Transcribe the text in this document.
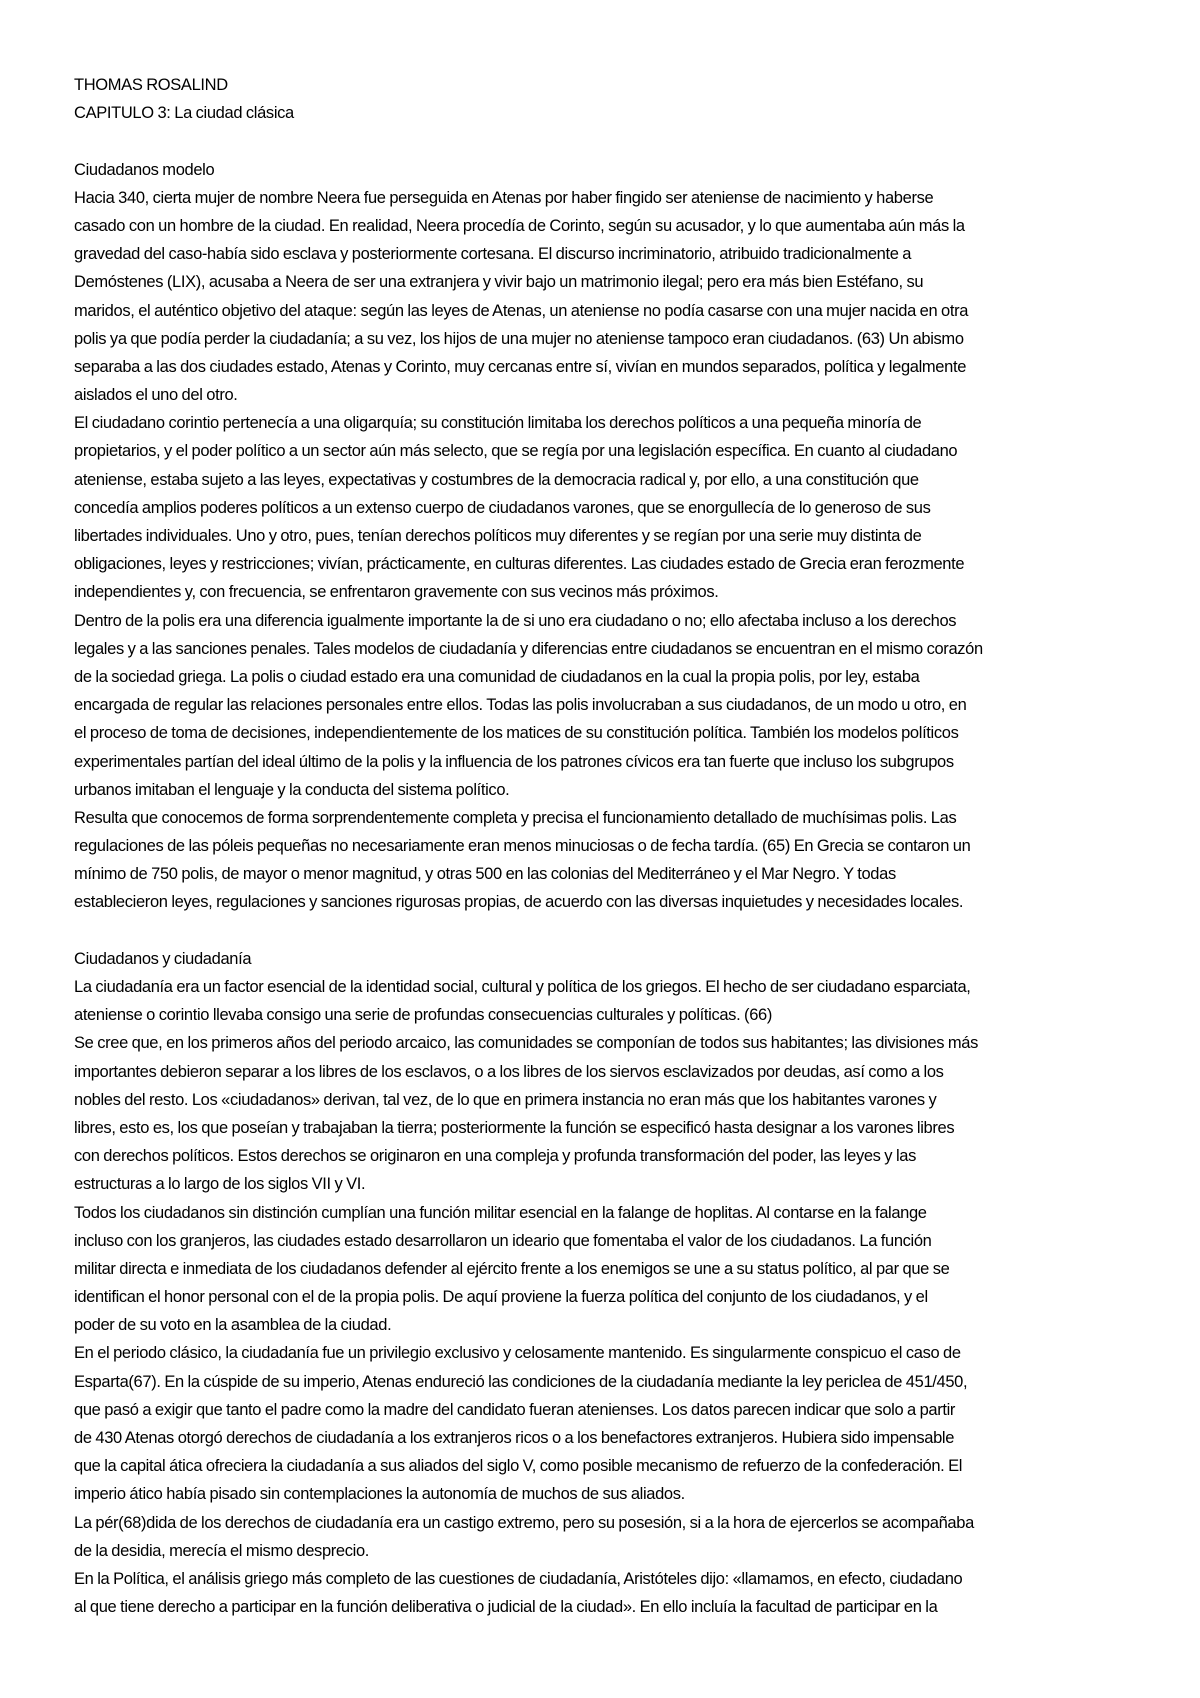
THOMAS ROSALIND
CAPITULO 3: La ciudad clásica
Ciudadanos modelo
Hacia 340, cierta mujer de nombre Neera fue perseguida en Atenas por haber fingido ser ateniense de nacimiento y haberse
casado con un hombre de la ciudad. En realidad, Neera procedía de Corinto, según su acusador, y lo que aumentaba aún más la
gravedad del caso-había sido esclava y posteriormente cortesana. El discurso incriminatorio, atribuido tradicionalmente a
Demóstenes (LIX), acusaba a Neera de ser una extranjera y vivir bajo un matrimonio ilegal; pero era más bien Estéfano, su
maridos, el auténtico objetivo del ataque: según las leyes de Atenas, un ateniense no podía casarse con una mujer nacida en otra
polis ya que podía perder la ciudadanía; a su vez, los hijos de una mujer no ateniense tampoco eran ciudadanos. (63) Un abismo
separaba a las dos ciudades estado, Atenas y Corinto, muy cercanas entre sí, vivían en mundos separados, política y legalmente
aislados el uno del otro.
El ciudadano corintio pertenecía a una oligarquía; su constitución limitaba los derechos políticos a una pequeña minoría de
propietarios, y el poder político a un sector aún más selecto, que se regía por una legislación específica. En cuanto al ciudadano
ateniense, estaba sujeto a las leyes, expectativas y costumbres de la democracia radical y, por ello, a una constitución que
concedía amplios poderes políticos a un extenso cuerpo de ciudadanos varones, que se enorgullecía de lo generoso de sus
libertades individuales. Uno y otro, pues, tenían derechos políticos muy diferentes y se regían por una serie muy distinta de
obligaciones, leyes y restricciones; vivían, prácticamente, en culturas diferentes. Las ciudades estado de Grecia eran ferozmente
independientes y, con frecuencia, se enfrentaron gravemente con sus vecinos más próximos.
Dentro de la polis era una diferencia igualmente importante la de si uno era ciudadano o no; ello afectaba incluso a los derechos
legales y a las sanciones penales. Tales modelos de ciudadanía y diferencias entre ciudadanos se encuentran en el mismo corazón
de la sociedad griega. La polis o ciudad estado era una comunidad de ciudadanos en la cual la propia polis, por ley, estaba
encargada de regular las relaciones personales entre ellos. Todas las polis involucraban a sus ciudadanos, de un modo u otro, en
el proceso de toma de decisiones, independientemente de los matices de su constitución política. También los modelos políticos
experimentales partían del ideal último de la polis y la influencia de los patrones cívicos era tan fuerte que incluso los subgrupos
urbanos imitaban el lenguaje y la conducta del sistema político.
Resulta que conocemos de forma sorprendentemente completa y precisa el funcionamiento detallado de muchísimas polis. Las
regulaciones de las póleis pequeñas no necesariamente eran menos minuciosas o de fecha tardía. (65) En Grecia se contaron un
mínimo de 750 polis, de mayor o menor magnitud, y otras 500 en las colonias del Mediterráneo y el Mar Negro. Y todas
establecieron leyes, regulaciones y sanciones rigurosas propias, de acuerdo con las diversas inquietudes y necesidades locales.
Ciudadanos y ciudadanía
La ciudadanía era un factor esencial de la identidad social, cultural y política de los griegos. El hecho de ser ciudadano esparciata,
ateniense o corintio llevaba consigo una serie de profundas consecuencias culturales y políticas. (66)
Se cree que, en los primeros años del periodo arcaico, las comunidades se componían de todos sus habitantes; las divisiones más
importantes debieron separar a los libres de los esclavos, o a los libres de los siervos esclavizados por deudas, así como a los
nobles del resto. Los «ciudadanos» derivan, tal vez, de lo que en primera instancia no eran más que los habitantes varones y
libres, esto es, los que poseían y trabajaban la tierra; posteriormente la función se especificó hasta designar a los varones libres
con derechos políticos. Estos derechos se originaron en una compleja y profunda transformación del poder, las leyes y las
estructuras a lo largo de los siglos VII y VI.
Todos los ciudadanos sin distinción cumplían una función militar esencial en la falange de hoplitas. Al contarse en la falange
incluso con los granjeros, las ciudades estado desarrollaron un ideario que fomentaba el valor de los ciudadanos. La función
militar directa e inmediata de los ciudadanos defender al ejército frente a los enemigos se une a su status político, al par que se
identifican el honor personal con el de la propia polis. De aquí proviene la fuerza política del conjunto de los ciudadanos, y el
poder de su voto en la asamblea de la ciudad.
En el periodo clásico, la ciudadanía fue un privilegio exclusivo y celosamente mantenido. Es singularmente conspicuo el caso de
Esparta(67). En la cúspide de su imperio, Atenas endureció las condiciones de la ciudadanía mediante la ley periclea de 451/450,
que pasó a exigir que tanto el padre como la madre del candidato fueran atenienses. Los datos parecen indicar que solo a partir
de 430 Atenas otorgó derechos de ciudadanía a los extranjeros ricos o a los benefactores extranjeros. Hubiera sido impensable
que la capital ática ofreciera la ciudadanía a sus aliados del siglo V, como posible mecanismo de refuerzo de la confederación. El
imperio ático había pisado sin contemplaciones la autonomía de muchos de sus aliados.
La pér(68)dida de los derechos de ciudadanía era un castigo extremo, pero su posesión, si a la hora de ejercerlos se acompañaba
de la desidia, merecía el mismo desprecio.
En la Política, el análisis griego más completo de las cuestiones de ciudadanía, Aristóteles dijo: «llamamos, en efecto, ciudadano
al que tiene derecho a participar en la función deliberativa o judicial de la ciudad». En ello incluía la facultad de participar en la
